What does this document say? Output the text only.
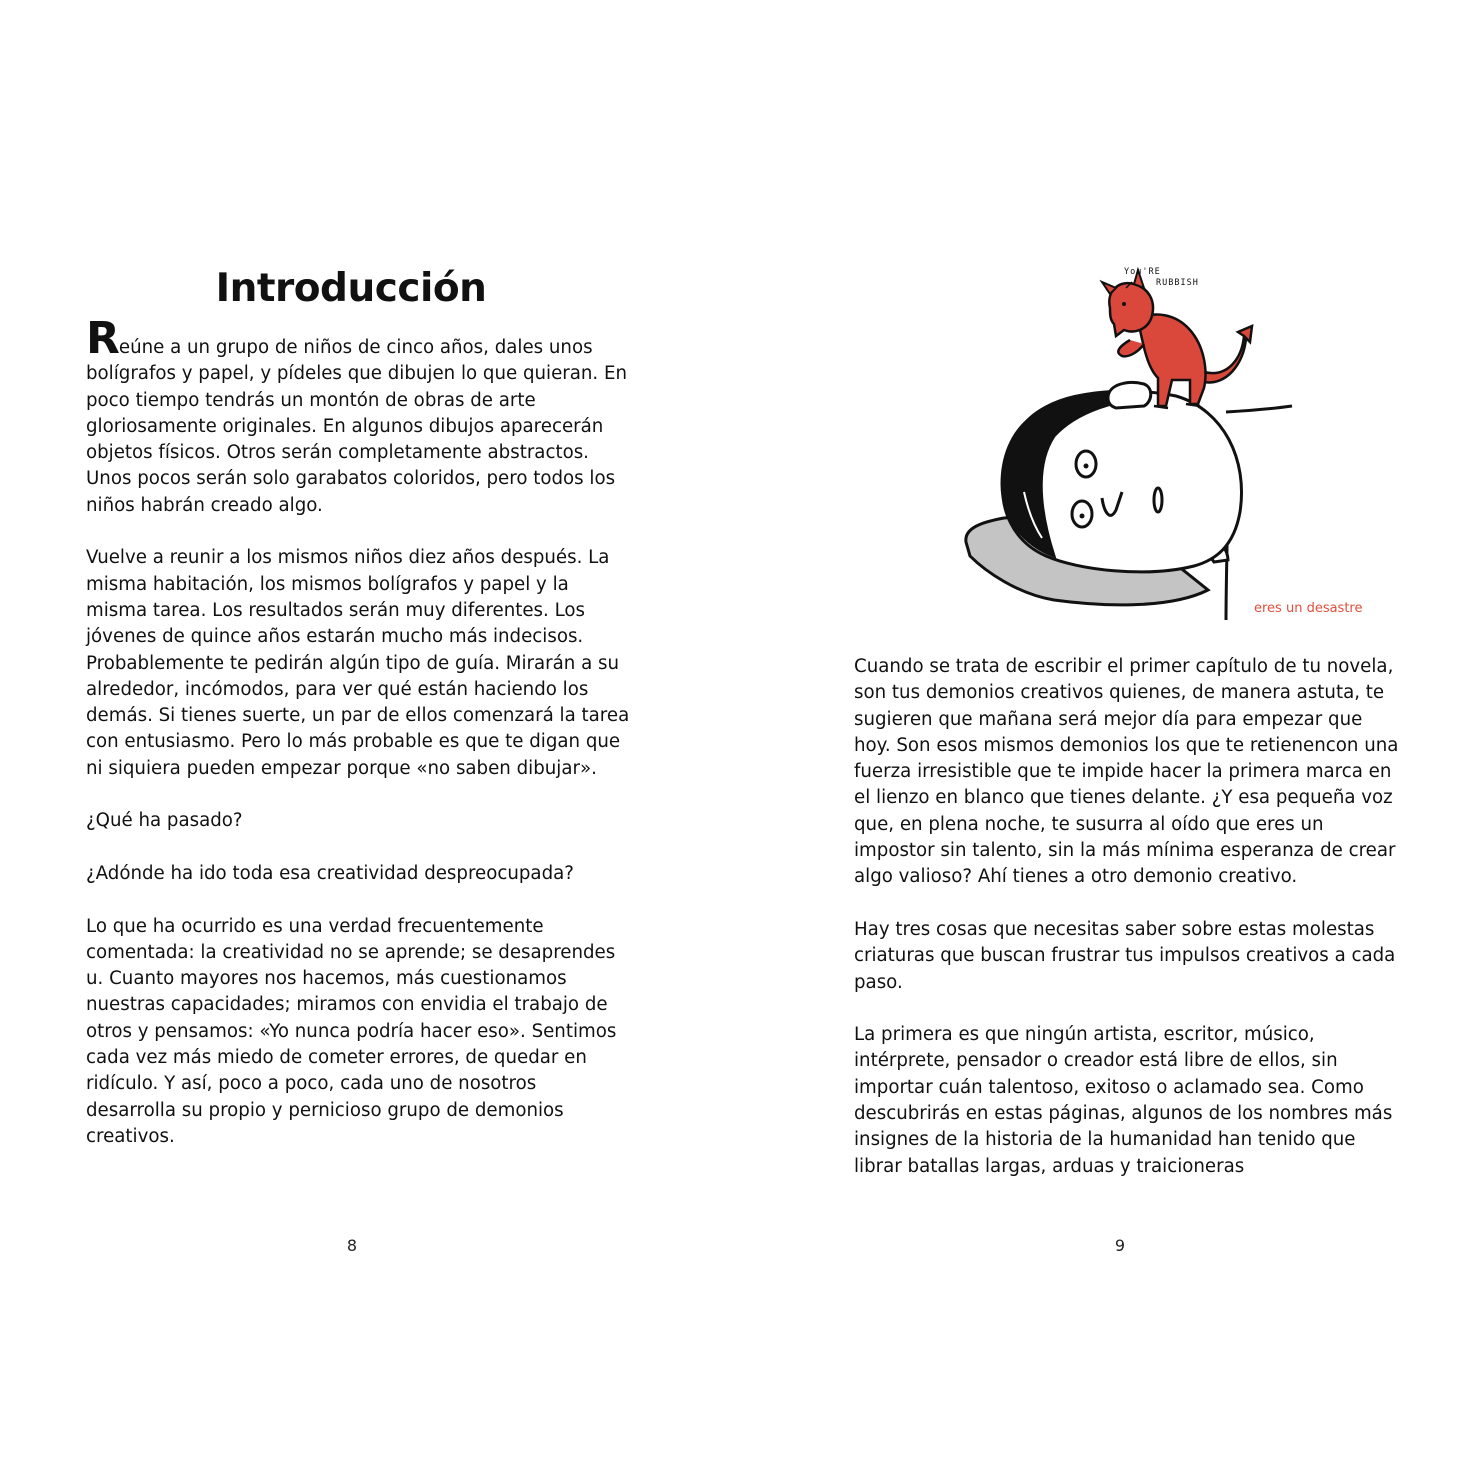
Introducción

Reúne a un grupo de niños de cinco años, dales unos bolígrafos y papel, y pídeles que dibujen lo que quieran. En poco tiempo tendrás un montón de obras de arte gloriosamente originales. En algunos dibujos aparecerán objetos físicos. Otros serán completamente abstractos. Unos pocos serán solo garabatos coloridos, pero todos los niños habrán creado algo.

Vuelve a reunir a los mismos niños diez años después. La misma habitación, los mismos bolígrafos y papel y la misma tarea. Los resultados serán muy diferentes. Los jóvenes de quince años estarán mucho más indecisos. Probablemente te pedirán algún tipo de guía. Mirarán a su alrededor, incómodos, para ver qué están haciendo los demás. Si tienes suerte, un par de ellos comenzará la tarea con entusiasmo. Pero lo más probable es que te digan que ni siquiera pueden empezar porque «no saben dibujar».

¿Qué ha pasado?

¿Adónde ha ido toda esa creatividad despreocupada?

Lo que ha ocurrido es una verdad frecuentemente comentada: la creatividad no se aprende; se desaprendes u. Cuanto mayores nos hacemos, más cuestionamos nuestras capacidades; miramos con envidia el trabajo de otros y pensamos: «Yo nunca podría hacer eso». Sentimos cada vez más miedo de cometer errores, de quedar en ridículo. Y así, poco a poco, cada uno de nosotros desarrolla su propio y pernicioso grupo de demonios creativos.

8
You'RE
RUBBISH
eres un desastre

Cuando se trata de escribir el primer capítulo de tu novela, son tus demonios creativos quienes, de manera astuta, te sugieren que mañana será mejor día para empezar que hoy. Son esos mismos demonios los que te retienencon una fuerza irresistible que te impide hacer la primera marca en el lienzo en blanco que tienes delante. ¿Y esa pequeña voz que, en plena noche, te susurra al oído que eres un impostor sin talento, sin la más mínima esperanza de crear algo valioso? Ahí tienes a otro demonio creativo.

Hay tres cosas que necesitas saber sobre estas molestas criaturas que buscan frustrar tus impulsos creativos a cada paso.

La primera es que ningún artista, escritor, músico, intérprete, pensador o creador está libre de ellos, sin importar cuán talentoso, exitoso o aclamado sea. Como descubrirás en estas páginas, algunos de los nombres más insignes de la historia de la humanidad han tenido que librar batallas largas, arduas y traicioneras

9
